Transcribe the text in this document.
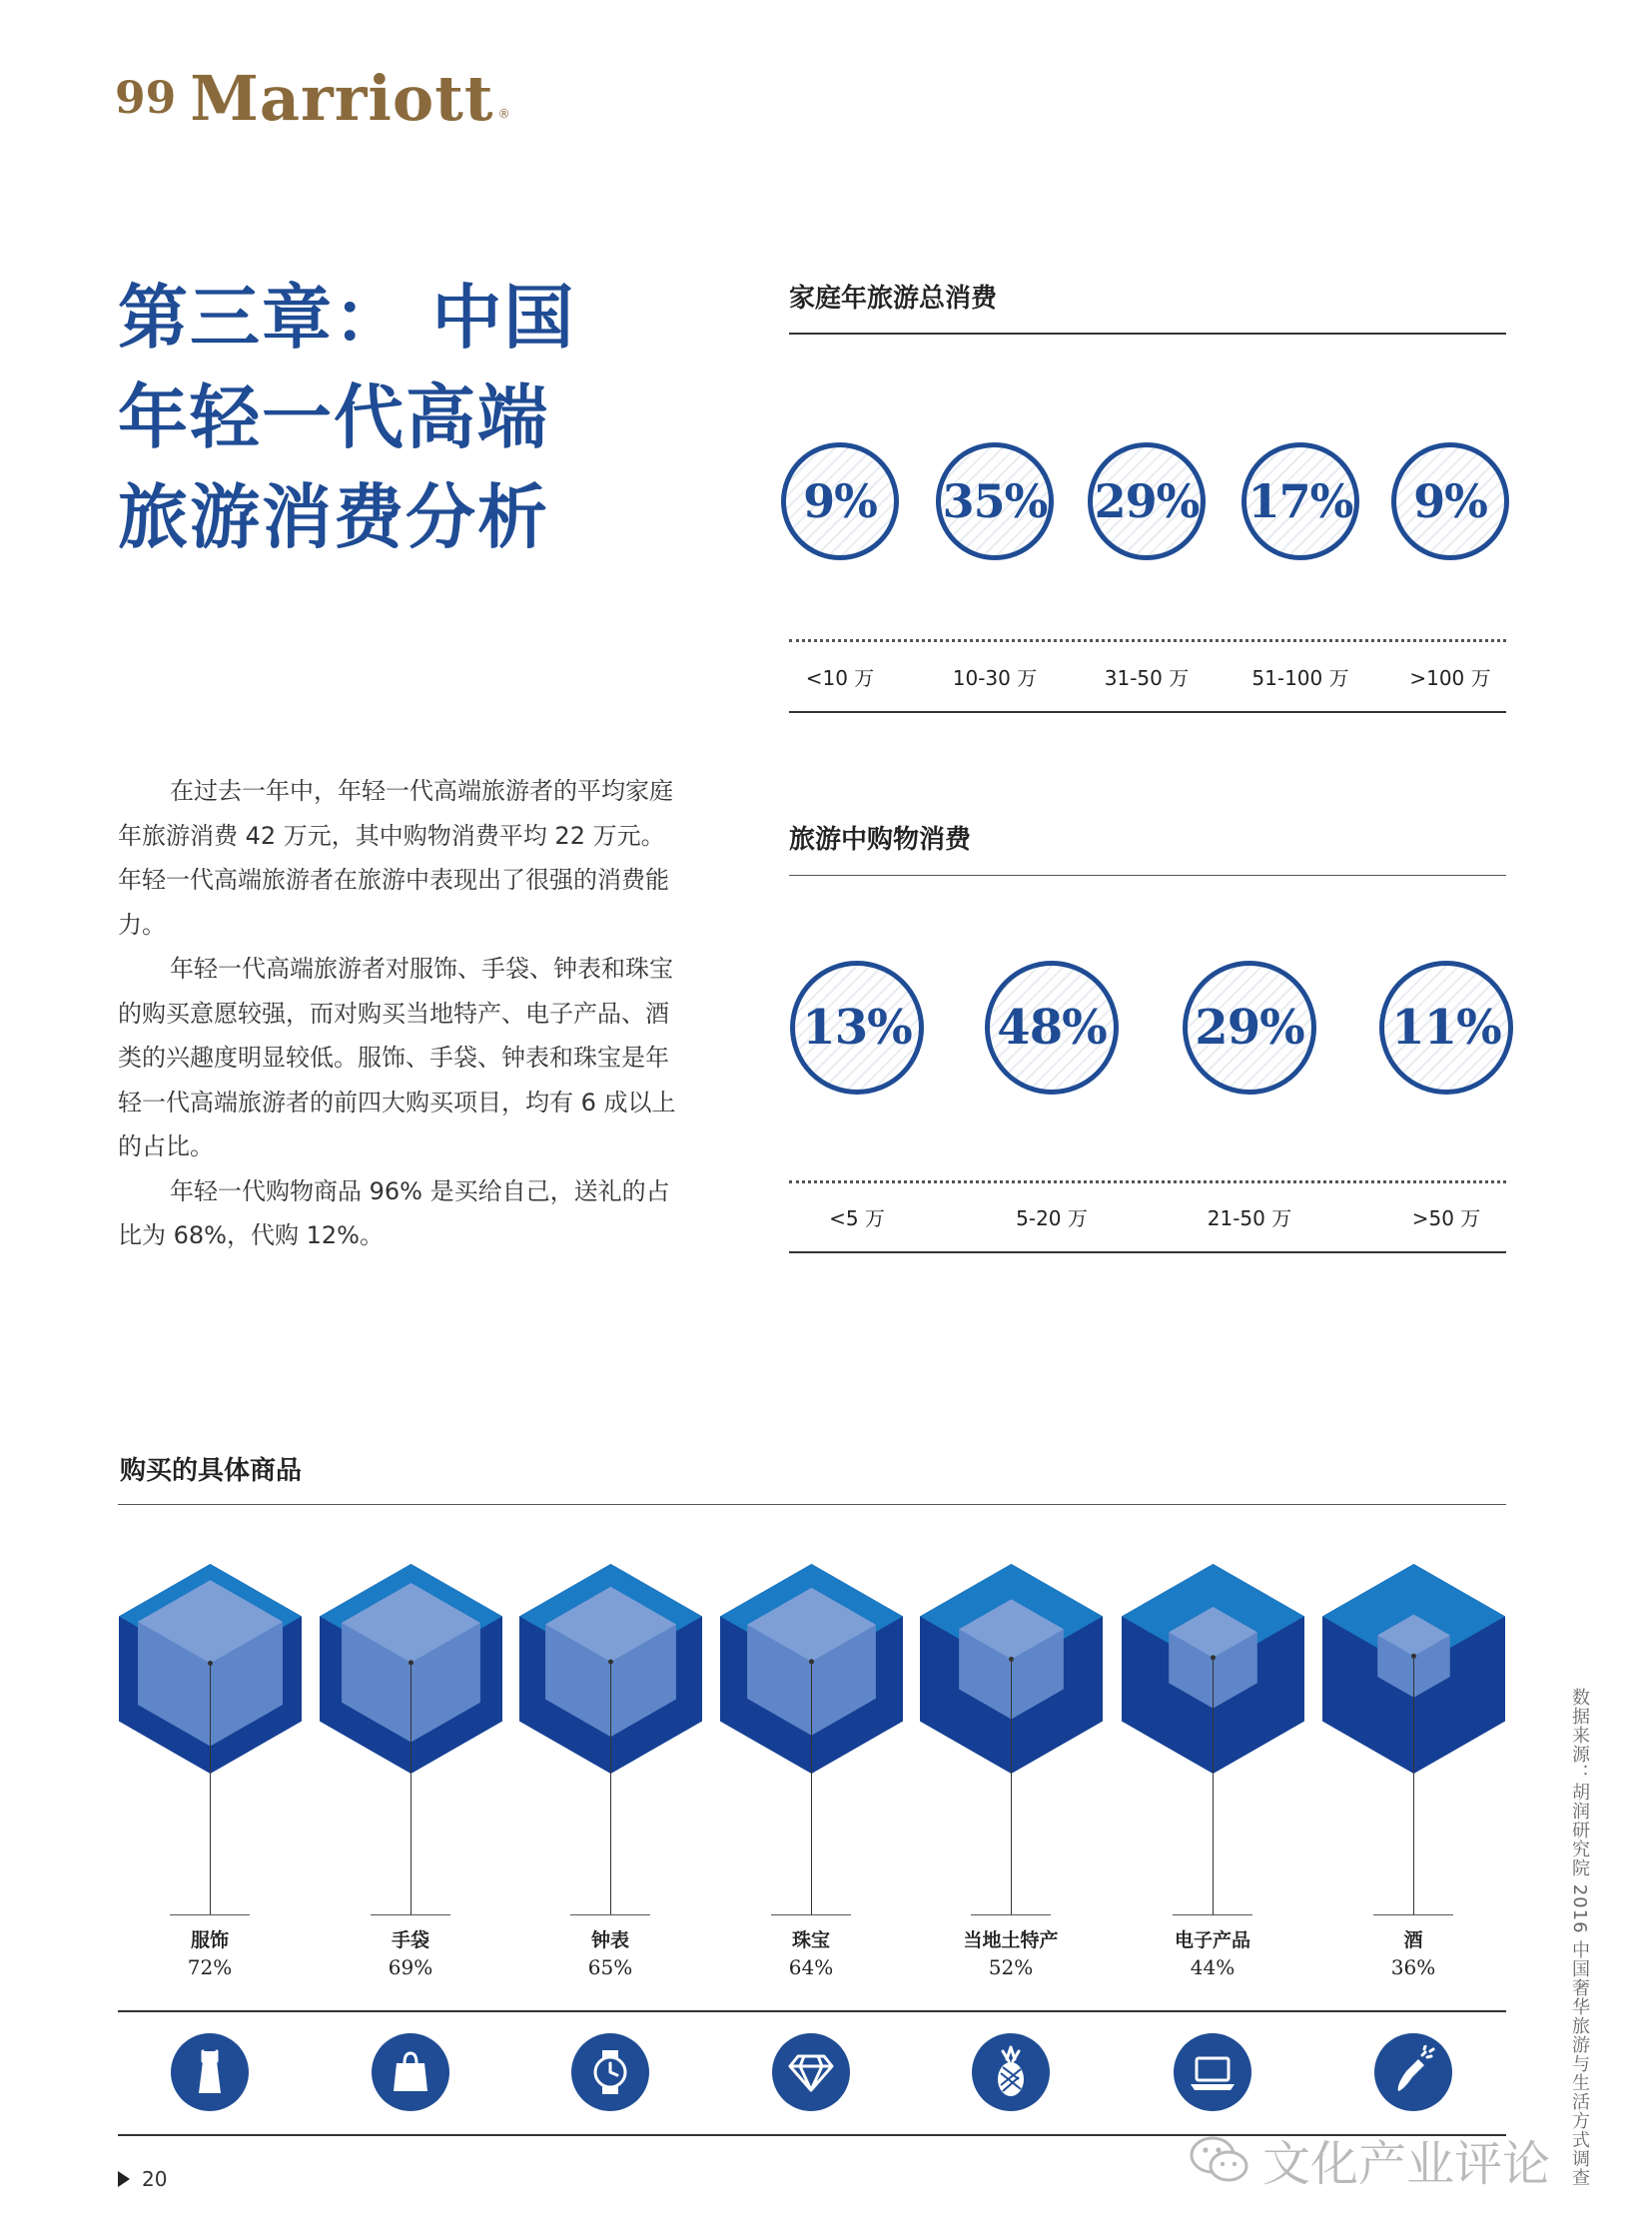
99 Marriott ®
第三章： 中国
年轻一代高端
旅游消费分析

在过去一年中，年轻一代高端旅游者的平均家庭年旅游消费 42 万元，其中购物消费平均 22 万元。年轻一代高端旅游者在旅游中表现出了很强的消费能力。

年轻一代高端旅游者对服饰、手袋、钟表和珠宝的购买意愿较强，而对购买当地特产、电子产品、酒类的兴趣度明显较低。服饰、手袋、钟表和珠宝是年轻一代高端旅游者的前四大购买项目，均有 6 成以上的占比。

年轻一代购物商品 96% 是买给自己，送礼的占比为 68%，代购 12%。

家庭年旅游总消费
9% 35% 29% 17% 9%
<10 万	10-30 万	31-50 万	51-100 万	>100 万
旅游中购物消费
13% 48% 29% 11%
<5 万	5-20 万	21-50 万	>50 万
购买的具体商品
服饰
72%
手袋
69%
钟表
65%
珠宝
64%
当地土特产
52%
电子产品
44%
酒
36%	数据来源：胡润研究院 2016 中国奢华旅游与生活方式调查
20	文化产业评论
